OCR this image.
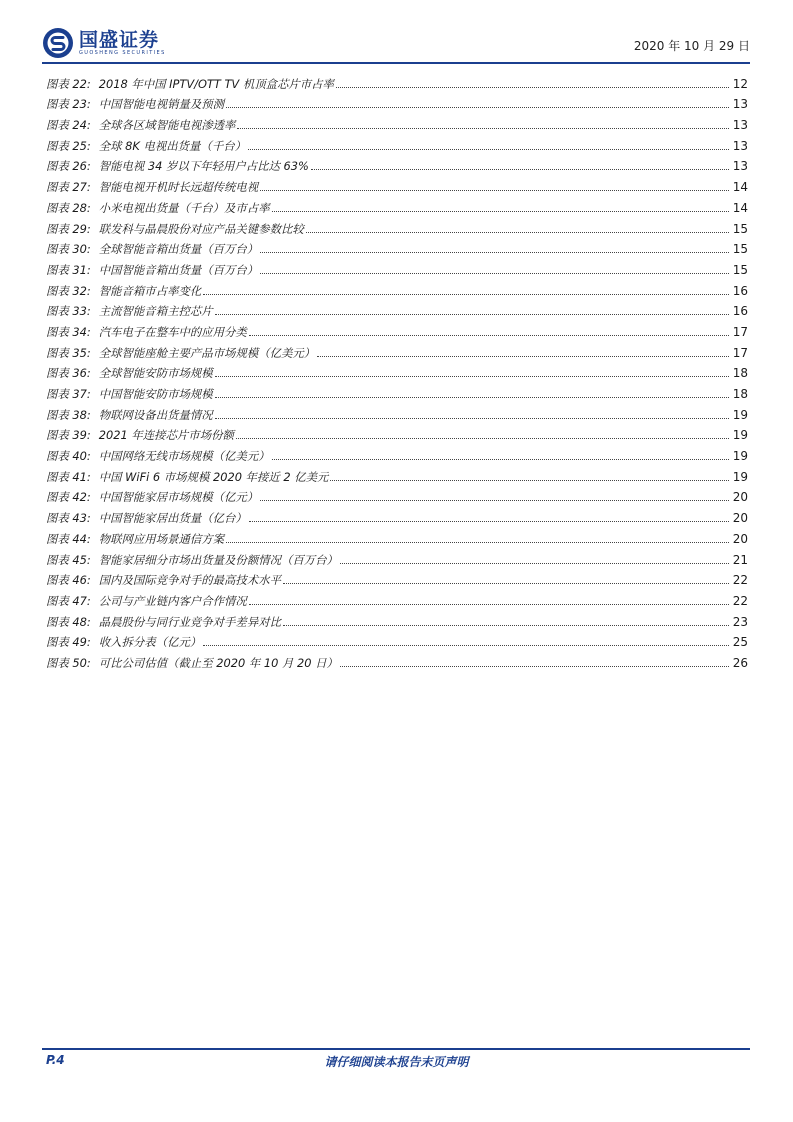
国盛证券
GUOSHENG SECURITIES	2020 年 10 月 29 日
图表 22: 2018 年中国 IPTV/OTT TV 机顶盒芯片市占率	12
图表 23: 中国智能电视销量及预测	13
图表 24: 全球各区域智能电视渗透率	13
图表 25: 全球 8K 电视出货量（千台）	13
图表 26: 智能电视 34 岁以下年轻用户占比达 63%	13
图表 27: 智能电视开机时长远超传统电视	14
图表 28: 小米电视出货量（千台）及市占率	14
图表 29: 联发科与晶晨股份对应产品关键参数比较	15
图表 30: 全球智能音箱出货量（百万台）	15
图表 31: 中国智能音箱出货量（百万台）	15
图表 32: 智能音箱市占率变化	16
图表 33: 主流智能音箱主控芯片	16
图表 34: 汽车电子在整车中的应用分类	17
图表 35: 全球智能座舱主要产品市场规模（亿美元）	17
图表 36: 全球智能安防市场规模	18
图表 37: 中国智能安防市场规模	18
图表 38: 物联网设备出货量情况	19
图表 39: 2021 年连接芯片市场份额	19
图表 40: 中国网络无线市场规模（亿美元）	19
图表 41: 中国 WiFi 6 市场规模 2020 年接近 2 亿美元	19
图表 42: 中国智能家居市场规模（亿元）	20
图表 43: 中国智能家居出货量（亿台）	20
图表 44: 物联网应用场景通信方案	20
图表 45: 智能家居细分市场出货量及份额情况（百万台）	21
图表 46: 国内及国际竞争对手的最高技术水平	22
图表 47: 公司与产业链内客户合作情况	22
图表 48: 晶晨股份与同行业竞争对手差异对比	23
图表 49: 收入拆分表（亿元）	25
图表 50: 可比公司估值（截止至 2020 年 10 月 20 日）	26
请仔细阅读本报告末页声明
P.4
